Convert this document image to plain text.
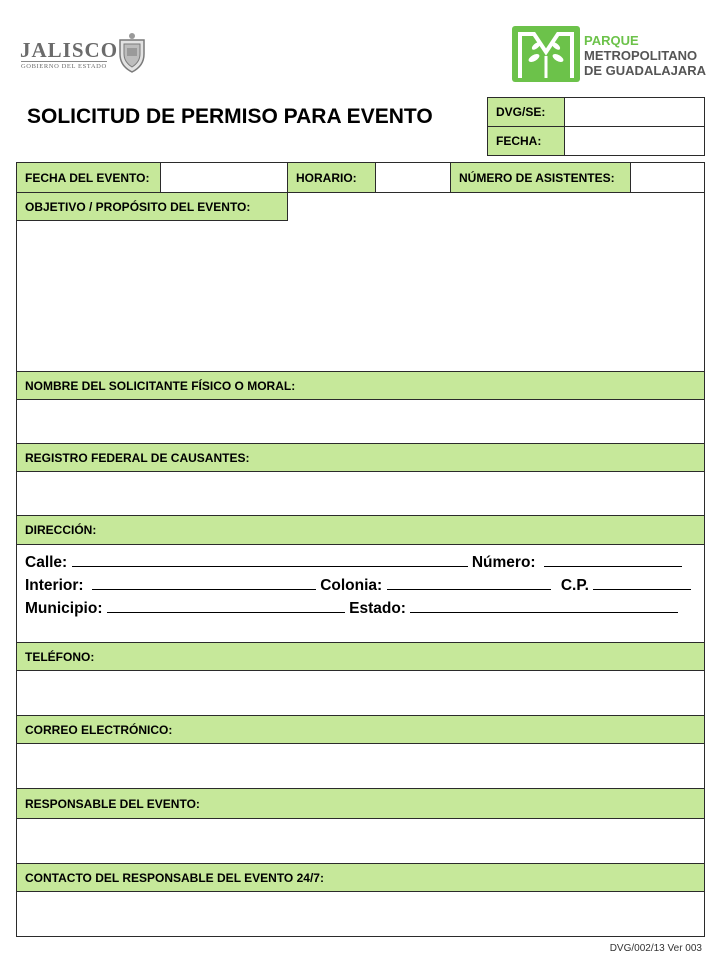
JALISCO
GOBIERNO DEL ESTADO
PARQUE
METROPOLITANO
DE GUADALAJARA
SOLICITUD DE PERMISO PARA EVENTO	DVG/SE:
FECHA:
FECHA DEL EVENTO:	HORARIO:	NÚMERO DE ASISTENTES:
OBJETIVO / PROPÓSITO DEL EVENTO:
NOMBRE DEL SOLICITANTE FÍSICO O MORAL:
REGISTRO FEDERAL DE CAUSANTES:
DIRECCIÓN:
Calle:	Número:
Interior:	Colonia:	C.P.
Municipio:	Estado:
TELÉFONO:
CORREO ELECTRÓNICO:
RESPONSABLE DEL EVENTO:
CONTACTO DEL RESPONSABLE DEL EVENTO 24/7:
DVG/002/13 Ver 003
